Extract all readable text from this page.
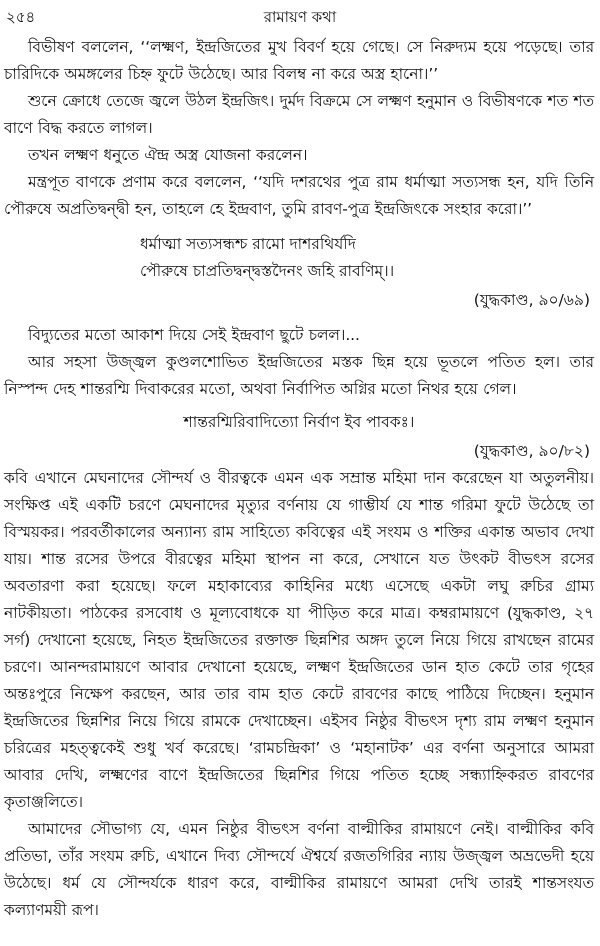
২৫৪	রামায়ণ কথা

বিভীষণ বললেন, ‘‘লক্ষ্মণ, ইন্দ্রজিতের মুখ বিবর্ণ হয়ে গেছে। সে নিরুদ্যম হয়ে পড়েছে। তার চারিদিকে অমঙ্গলের চিহ্ন ফুটে উঠেছে। আর বিলম্ব না করে অস্ত্র হানো।’’

শুনে ক্রোধে তেজে জ্বলে উঠল ইন্দ্রজিৎ। দুর্মদ বিক্রমে সে লক্ষ্মণ হনুমান ও বিভীষণকে শত শত বাণে বিদ্ধ করতে লাগল।

তখন লক্ষ্মণ ধনুতে ঐন্দ্র অস্ত্র যোজনা করলেন।

মন্ত্রপূত বাণকে প্রণাম করে বললেন, ‘‘যদি দশরথের পুত্র রাম ধর্মাত্মা সত্যসন্ধ হন, যদি তিনি পৌরুষে অপ্রতিদ্বন্দ্বী হন, তাহলে হে ইন্দ্রবাণ, তুমি রাবণ-পুত্র ইন্দ্রজিৎকে সংহার করো।’’

ধর্মাত্মা সত্যসন্ধশ্চ রামো দাশরথির্যদি
পৌরুষে চাপ্রতিদ্বন্দ্বস্তদৈনং জহি রাবণিম্।।

(যুদ্ধকাণ্ড, ৯০/৬৯)

বিদ্যুতের মতো আকাশ দিয়ে সেই ইন্দ্রবাণ ছুটে চলল।...

আর সহসা উজ্জ্বল কুণ্ডলশোভিত ইন্দ্রজিতের মস্তক ছিন্ন হয়ে ভূতলে পতিত হল। তার নিস্পন্দ দেহ শান্তরশ্মি দিবাকরের মতো, অথবা নির্বাপিত অগ্নির মতো নিথর হয়ে গেল।

শান্তরশ্মিরিবাদিত্যো নির্বাণ ইব পাবকঃ।

(যুদ্ধকাণ্ড, ৯০/৮২)

কবি এখানে মেঘনাদের সৌন্দর্য ও বীরত্বকে এমন এক সম্রান্ত মহিমা দান করেছেন যা অতুলনীয়। সংক্ষিপ্ত এই একটি চরণে মেঘনাদের মৃত্যুর বর্ণনায় যে গাম্ভীর্য যে শান্ত গরিমা ফুটে উঠেছে তা বিস্ময়কর। পরবর্তীকালের অন্যান্য রাম সাহিত্যে কবিত্বের এই সংযম ও শক্তির একান্ত অভাব দেখা যায়। শান্ত রসের উপরে বীরত্বের মহিমা স্থাপন না করে, সেখানে যত উৎকট বীভৎস রসের অবতারণা করা হয়েছে। ফলে মহাকাব্যের কাহিনির মধ্যে এসেছে একটা লঘু রুচির গ্রাম্য নাটকীয়তা। পাঠকের রসবোধ ও মূল্যবোধকে যা পীড়িত করে মাত্র। কম্বরামায়ণে (যুদ্ধকাণ্ড, ২৭ সর্গ) দেখানো হয়েছে, নিহত ইন্দ্রজিতের রক্তাক্ত ছিন্নশির অঙ্গদ তুলে নিয়ে গিয়ে রাখছেন রামের চরণে। আনন্দরামায়ণে আবার দেখানো হয়েছে, লক্ষ্মণ ইন্দ্রজিতের ডান হাত কেটে তার গৃহের অন্তঃপুরে নিক্ষেপ করছেন, আর তার বাম হাত কেটে রাবণের কাছে পাঠিয়ে দিচ্ছেন। হনুমান ইন্দ্রজিতের ছিন্নশির নিয়ে গিয়ে রামকে দেখাচ্ছেন। এইসব নিষ্ঠুর বীভৎস দৃশ্য রাম লক্ষ্মণ হনুমান চরিত্রের মহত্ত্বকেই শুধু খর্ব করেছে। ‘রামচন্দ্রিকা’ ও ‘মহানাটক’ এর বর্ণনা অনুসারে আমরা আবার দেখি, লক্ষ্মণের বাণে ইন্দ্রজিতের ছিন্নশির গিয়ে পতিত হচ্ছে সন্ধ্যাহ্নিকরত রাবণের কৃতাঞ্জলিতে।

আমাদের সৌভাগ্য যে, এমন নিষ্ঠুর বীভৎস বর্ণনা বাল্মীকির রামায়ণে নেই। বাল্মীকির কবি প্রতিভা, তাঁর সংযম রুচি, এখানে দিব্য সৌন্দর্যে ঐশ্বর্যে রজতগিরির ন্যায় উজ্জ্বল অভ্রভেদী হয়ে উঠেছে। ধর্ম যে সৌন্দর্যকে ধারণ করে, বাল্মীকির রামায়ণে আমরা দেখি তারই শান্তসংযত কল্যাণময়ী রূপ।
